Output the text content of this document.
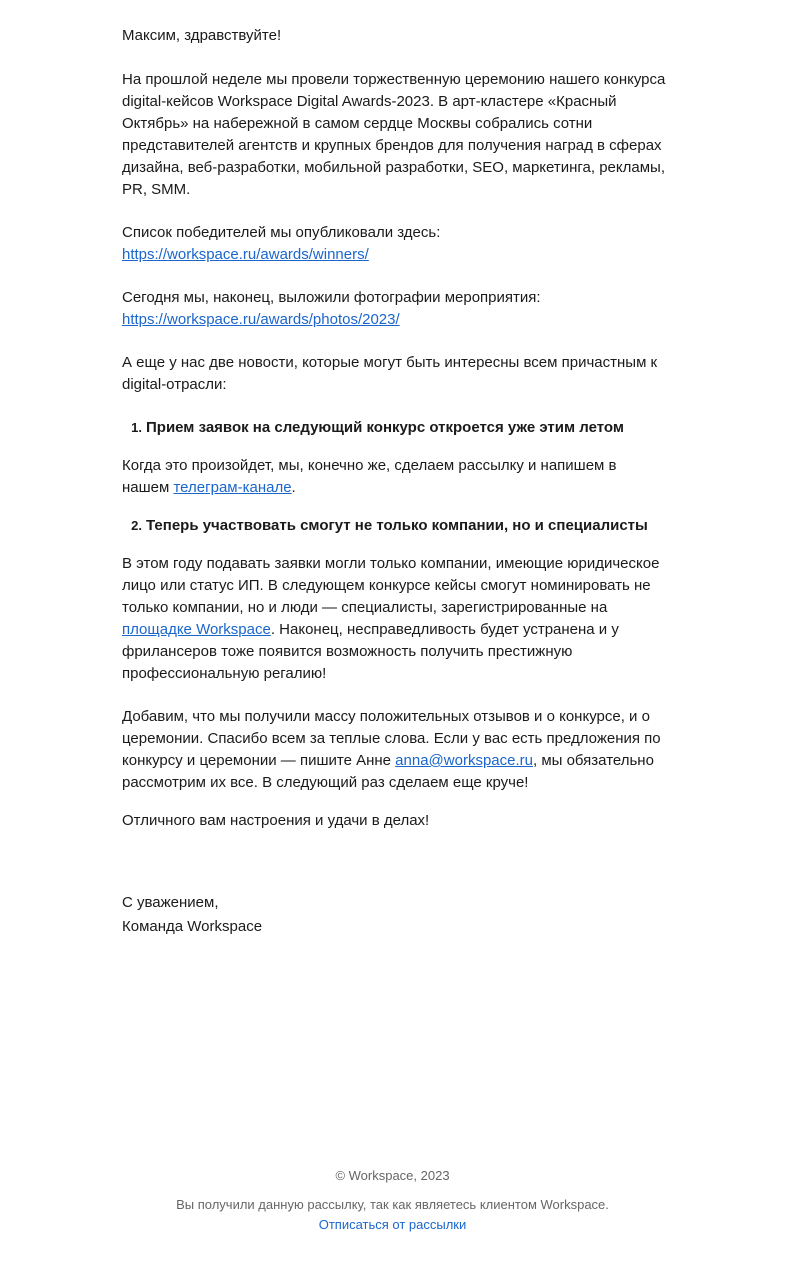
Максим, здравствуйте!

На прошлой неделе мы провели торжественную церемонию нашего конкурса digital-кейсов Workspace Digital Awards-2023. В арт-кластере «Красный Октябрь» на набережной в самом сердце Москвы собрались сотни представителей агентств и крупных брендов для получения наград в сферах дизайна, веб-разработки, мобильной разработки, SEO, маркетинга, рекламы, PR, SMM.

Список победителей мы опубликовали здесь:
https://workspace.ru/awards/winners/

Сегодня мы, наконец, выложили фотографии мероприятия:
https://workspace.ru/awards/photos/2023/

А еще у нас две новости, которые могут быть интересны всем причастным к digital-отрасли:

1. Прием заявок на следующий конкурс откроется уже этим летом

Когда это произойдет, мы, конечно же, сделаем рассылку и напишем в нашем телеграм-канале.

2. Теперь участвовать смогут не только компании, но и специалисты

В этом году подавать заявки могли только компании, имеющие юридическое лицо или статус ИП. В следующем конкурсе кейсы смогут номинировать не только компании, но и люди — специалисты, зарегистрированные на площадке Workspace. Наконец, несправедливость будет устранена и у фрилансеров тоже появится возможность получить престижную профессиональную регалию!

Добавим, что мы получили массу положительных отзывов и о конкурсе, и о церемонии. Спасибо всем за теплые слова. Если у вас есть предложения по конкурсу и церемонии — пишите Анне anna@workspace.ru, мы обязательно рассмотрим их все. В следующий раз сделаем еще круче!

Отличного вам настроения и удачи в делах!

С уважением,
Команда Workspace

© Workspace, 2023
Вы получили данную рассылку, так как являетесь клиентом Workspace.
Отписаться от рассылки
